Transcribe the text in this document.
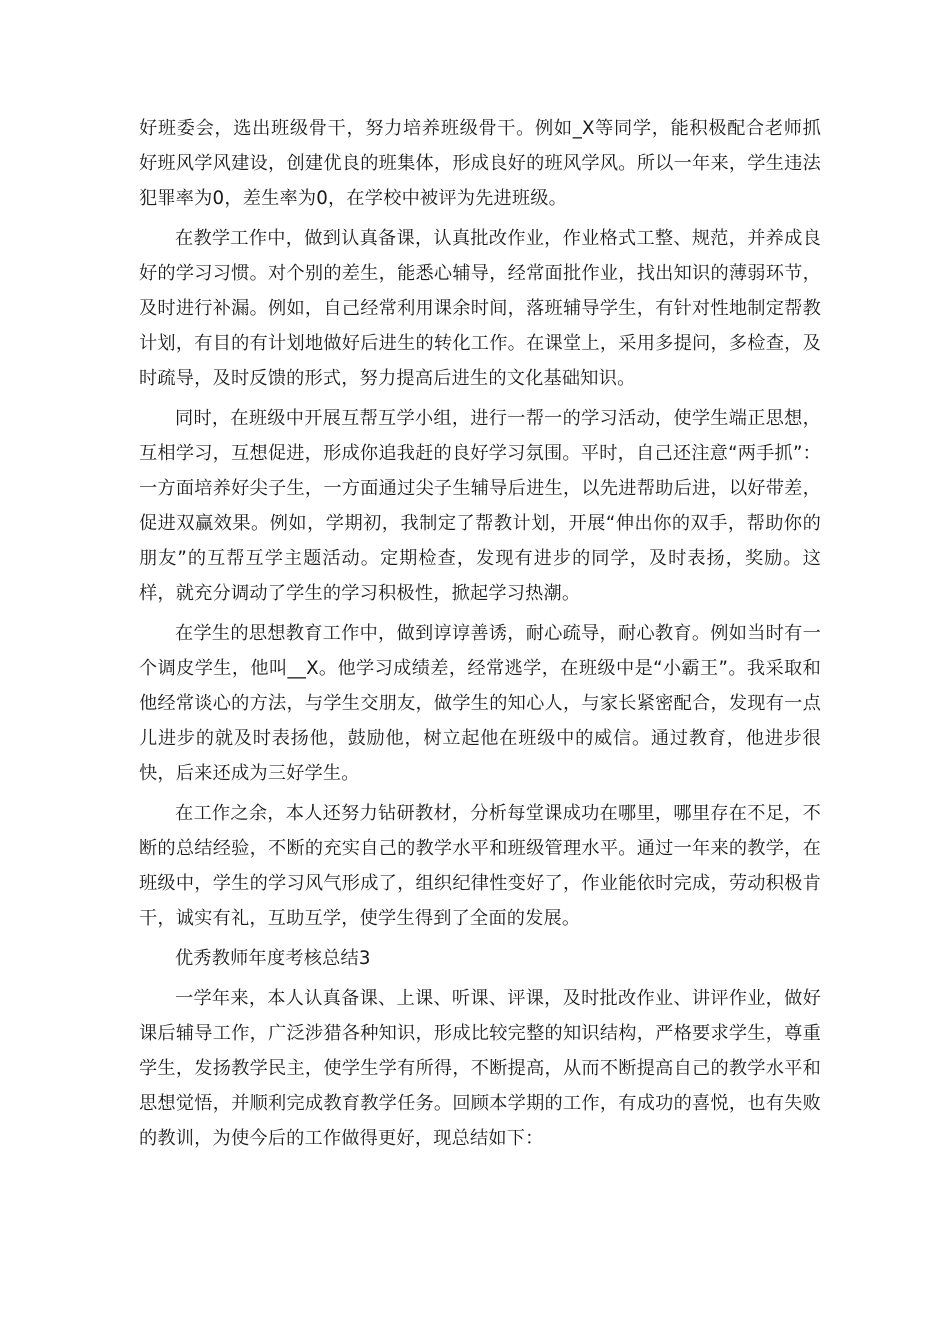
好班委会，选出班级骨干，努力培养班级骨干。例如_X等同学，能积极配合老师抓好班风学风建设，创建优良的班集体，形成良好的班风学风。所以一年来，学生违法犯罪率为0，差生率为0，在学校中被评为先进班级。

在教学工作中，做到认真备课，认真批改作业，作业格式工整、规范，并养成良好的学习习惯。对个别的差生，能悉心辅导，经常面批作业，找出知识的薄弱环节，及时进行补漏。例如，自己经常利用课余时间，落班辅导学生，有针对性地制定帮教计划，有目的有计划地做好后进生的转化工作。在课堂上，采用多提问，多检查，及时疏导，及时反馈的形式，努力提高后进生的文化基础知识。

同时，在班级中开展互帮互学小组，进行一帮一的学习活动，使学生端正思想，互相学习，互想促进，形成你追我赶的良好学习氛围。平时，自己还注意“两手抓”：一方面培养好尖子生，一方面通过尖子生辅导后进生，以先进帮助后进，以好带差，促进双赢效果。例如，学期初，我制定了帮教计划，开展“伸出你的双手，帮助你的朋友”的互帮互学主题活动。定期检查，发现有进步的同学，及时表扬，奖励。这样，就充分调动了学生的学习积极性，掀起学习热潮。

在学生的思想教育工作中，做到谆谆善诱，耐心疏导，耐心教育。例如当时有一个调皮学生，他叫__X。他学习成绩差，经常逃学，在班级中是“小霸王”。我采取和他经常谈心的方法，与学生交朋友，做学生的知心人，与家长紧密配合，发现有一点儿进步的就及时表扬他，鼓励他，树立起他在班级中的威信。通过教育，他进步很快，后来还成为三好学生。

在工作之余，本人还努力钻研教材，分析每堂课成功在哪里，哪里存在不足，不断的总结经验，不断的充实自己的教学水平和班级管理水平。通过一年来的教学，在班级中，学生的学习风气形成了，组织纪律性变好了，作业能依时完成，劳动积极肯干，诚实有礼，互助互学，使学生得到了全面的发展。

优秀教师年度考核总结3

一学年来，本人认真备课、上课、听课、评课，及时批改作业、讲评作业，做好课后辅导工作，广泛涉猎各种知识，形成比较完整的知识结构，严格要求学生，尊重学生，发扬教学民主，使学生学有所得，不断提高，从而不断提高自己的教学水平和思想觉悟，并顺利完成教育教学任务。回顾本学期的工作，有成功的喜悦，也有失败的教训，为使今后的工作做得更好，现总结如下：
